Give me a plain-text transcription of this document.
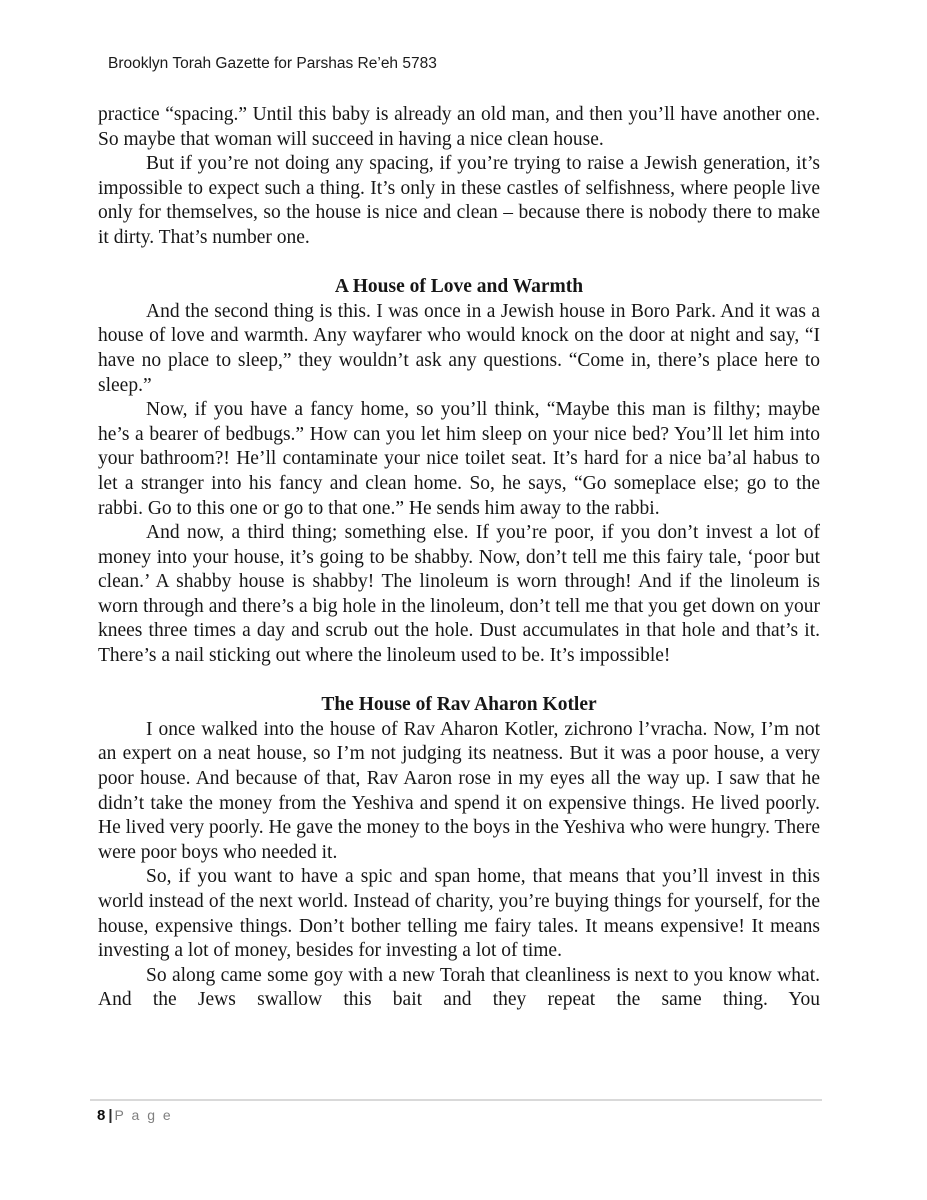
Brooklyn Torah Gazette for Parshas Re’eh 5783

practice “spacing.” Until this baby is already an old man, and then you’ll have another one. So maybe that woman will succeed in having a nice clean house.

But if you’re not doing any spacing, if you’re trying to raise a Jewish generation, it’s impossible to expect such a thing. It’s only in these castles of selfishness, where people live only for themselves, so the house is nice and clean – because there is nobody there to make it dirty. That’s number one.

A House of Love and Warmth

And the second thing is this. I was once in a Jewish house in Boro Park. And it was a house of love and warmth. Any wayfarer who would knock on the door at night and say, “I have no place to sleep,” they wouldn’t ask any questions. “Come in, there’s place here to sleep.”

Now, if you have a fancy home, so you’ll think, “Maybe this man is filthy; maybe he’s a bearer of bedbugs.” How can you let him sleep on your nice bed? You’ll let him into your bathroom?! He’ll contaminate your nice toilet seat. It’s hard for a nice ba’al habus to let a stranger into his fancy and clean home. So, he says, “Go someplace else; go to the rabbi. Go to this one or go to that one.” He sends him away to the rabbi.

And now, a third thing; something else. If you’re poor, if you don’t invest a lot of money into your house, it’s going to be shabby. Now, don’t tell me this fairy tale, ‘poor but clean.’ A shabby house is shabby! The linoleum is worn through! And if the linoleum is worn through and there’s a big hole in the linoleum, don’t tell me that you get down on your knees three times a day and scrub out the hole. Dust accumulates in that hole and that’s it. There’s a nail sticking out where the linoleum used to be. It’s impossible!

The House of Rav Aharon Kotler

I once walked into the house of Rav Aharon Kotler, zichrono l’vracha. Now, I’m not an expert on a neat house, so I’m not judging its neatness. But it was a poor house, a very poor house. And because of that, Rav Aaron rose in my eyes all the way up. I saw that he didn’t take the money from the Yeshiva and spend it on expensive things. He lived poorly. He lived very poorly. He gave the money to the boys in the Yeshiva who were hungry. There were poor boys who needed it.

So, if you want to have a spic and span home, that means that you’ll invest in this world instead of the next world. Instead of charity, you’re buying things for yourself, for the house, expensive things. Don’t bother telling me fairy tales. It means expensive! It means investing a lot of money, besides for investing a lot of time.

So along came some goy with a new Torah that cleanliness is next to you know what. And the Jews swallow this bait and they repeat the same thing. You

8 | P a g e
